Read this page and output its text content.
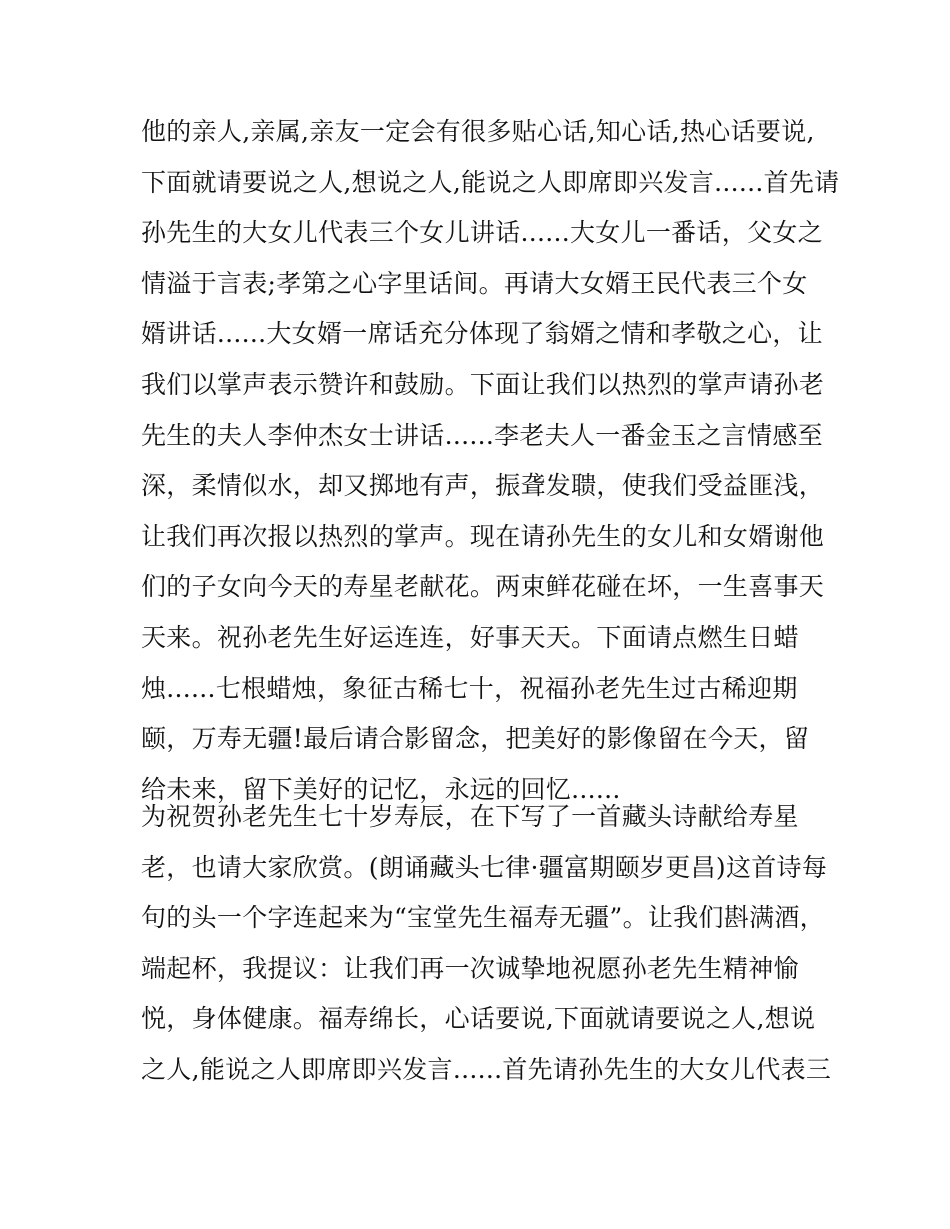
他的亲人,亲属,亲友一定会有很多贴心话,知心话,热心话要说,
下面就请要说之人,想说之人,能说之人即席即兴发言......首先请
孙先生的大女儿代表三个女儿讲话......大女儿一番话，父女之
情溢于言表;孝第之心字里话间。再请大女婿王民代表三个女
婿讲话......大女婿一席话充分体现了翁婿之情和孝敬之心，让
我们以掌声表示赞许和鼓励。下面让我们以热烈的掌声请孙老
先生的夫人李仲杰女士讲话......李老夫人一番金玉之言情感至
深，柔情似水，却又掷地有声，振聋发聩，使我们受益匪浅，
让我们再次报以热烈的掌声。现在请孙先生的女儿和女婿谢他
们的子女向今天的寿星老献花。两束鲜花碰在坏，一生喜事天
天来。祝孙老先生好运连连，好事天天。下面请点燃生日蜡
烛......七根蜡烛，象征古稀七十，祝福孙老先生过古稀迎期
颐，万寿无疆!最后请合影留念，把美好的影像留在今天，留
给未来，留下美好的记忆，永远的回忆......
为祝贺孙老先生七十岁寿辰，在下写了一首藏头诗献给寿星
老，也请大家欣赏。(朗诵藏头七律·疆富期颐岁更昌)这首诗每
句的头一个字连起来为“宝堂先生福寿无疆”。让我们斟满酒，
端起杯，我提议：让我们再一次诚挚地祝愿孙老先生精神愉
悦，身体健康。福寿绵长，心话要说,下面就请要说之人,想说
之人,能说之人即席即兴发言......首先请孙先生的大女儿代表三
